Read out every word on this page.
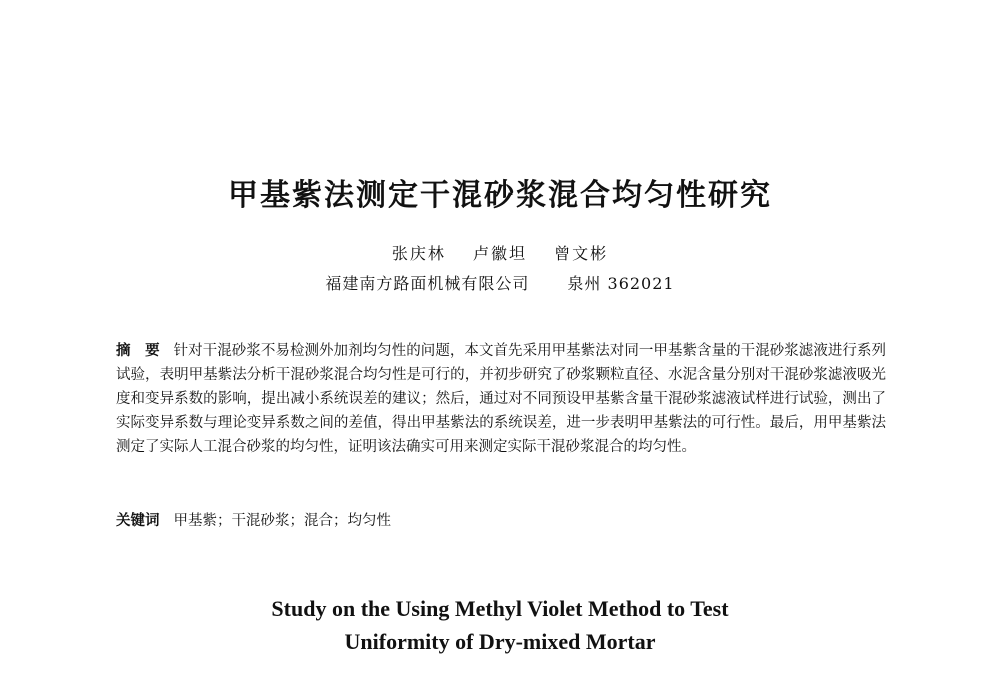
甲基紫法测定干混砂浆混合均匀性研究
张庆林 卢徽坦 曾文彬
福建南方路面机械有限公司 泉州 362021
摘　要 针对干混砂浆不易检测外加剂均匀性的问题，本文首先采用甲基紫法对同一甲基紫含量的干混砂浆滤液进行系列试验，表明甲基紫法分析干混砂浆混合均匀性是可行的，并初步研究了砂浆颗粒直径、水泥含量分别对干混砂浆滤液吸光度和变异系数的影响，提出减小系统误差的建议；然后，通过对不同预设甲基紫含量干混砂浆滤液试样进行试验，测出了实际变异系数与理论变异系数之间的差值，得出甲基紫法的系统误差，进一步表明甲基紫法的可行性。最后，用甲基紫法测定了实际人工混合砂浆的均匀性，证明该法确实可用来测定实际干混砂浆混合的均匀性。
关键词 甲基紫；干混砂浆；混合；均匀性
Study on the Using Methyl Violet Method to Test
Uniformity of Dry-mixed Mortar
